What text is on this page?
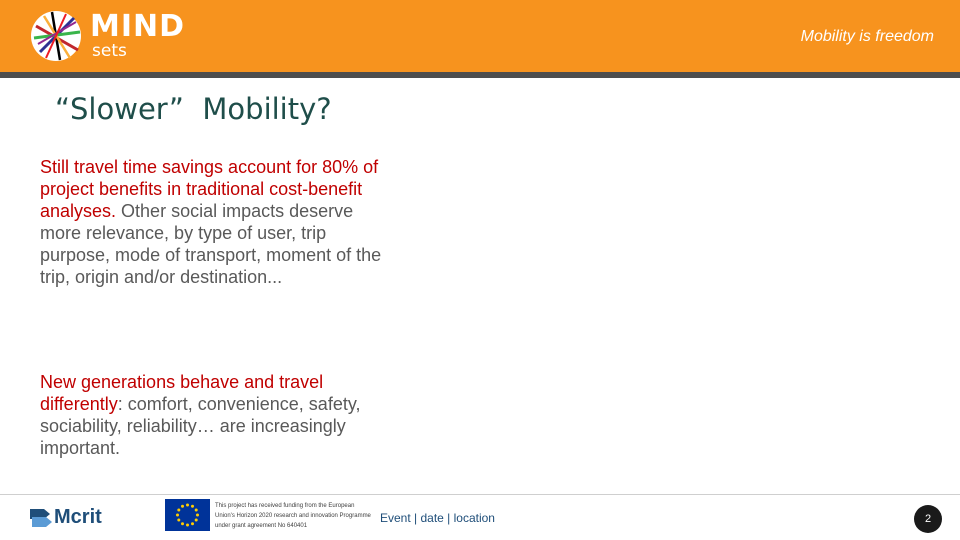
MIND
sets
Mobility is freedom
“Slower”  Mobility?

Still travel time savings account for 80% of project benefits in traditional cost-benefit analyses. Other social impacts deserve more relevance, by type of user, trip purpose, mode of transport, moment of the trip, origin and/or destination...

New generations behave and travel differently: comfort, convenience, safety, sociability, reliability… are increasingly important.

Mcrit	This project has received funding from the European Union's Horizon 2020 research and innovation Programme under grant agreement No 640401
Event | date | location	2
